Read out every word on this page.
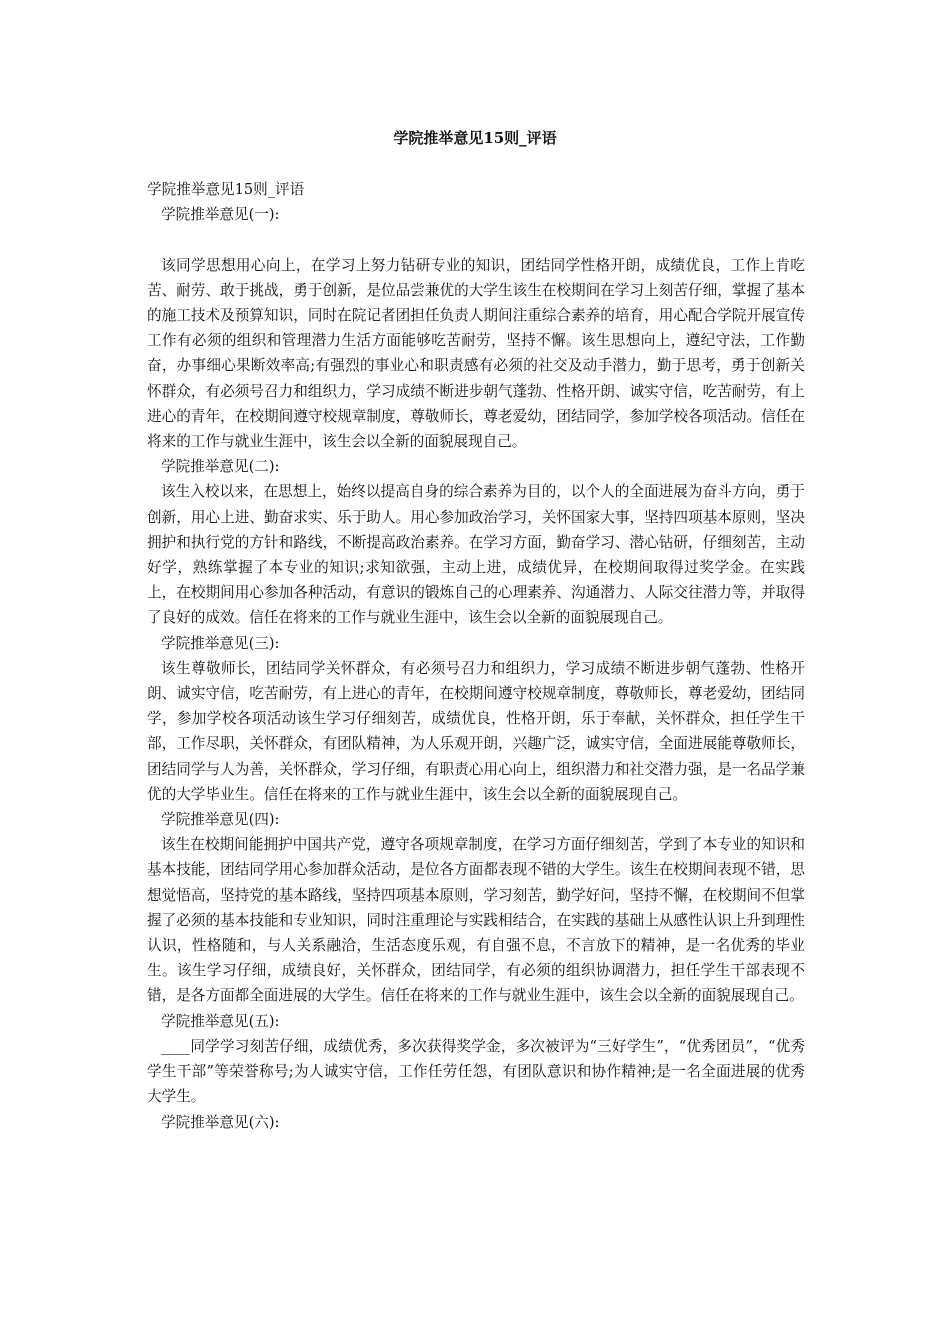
学院推举意见15则_评语

学院推举意见15则_评语

学院推举意见(一):

该同学思想用心向上，在学习上努力钻研专业的知识，团结同学性格开朗，成绩优良，工作上肯吃苦、耐劳、敢于挑战，勇于创新，是位品尝兼优的大学生该生在校期间在学习上刻苦仔细，掌握了基本的施工技术及预算知识，同时在院记者团担任负责人期间注重综合素养的培育，用心配合学院开展宣传工作有必须的组织和管理潜力生活方面能够吃苦耐劳，坚持不懈。该生思想向上，遵纪守法，工作勤奋，办事细心果断效率高;有强烈的事业心和职责感有必须的社交及动手潜力，勤于思考，勇于创新关怀群众，有必须号召力和组织力，学习成绩不断进步朝气蓬勃、性格开朗、诚实守信，吃苦耐劳，有上进心的青年，在校期间遵守校规章制度，尊敬师长，尊老爱幼，团结同学，参加学校各项活动。信任在将来的工作与就业生涯中，该生会以全新的面貌展现自己。

学院推举意见(二):

该生入校以来，在思想上，始终以提高自身的综合素养为目的，以个人的全面进展为奋斗方向，勇于创新，用心上进、勤奋求实、乐于助人。用心参加政治学习，关怀国家大事，坚持四项基本原则，坚决拥护和执行党的方针和路线，不断提高政治素养。在学习方面，勤奋学习、潜心钻研，仔细刻苦，主动好学，熟练掌握了本专业的知识;求知欲强，主动上进，成绩优异，在校期间取得过奖学金。在实践上，在校期间用心参加各种活动，有意识的锻炼自己的心理素养、沟通潜力、人际交往潜力等，并取得了良好的成效。信任在将来的工作与就业生涯中，该生会以全新的面貌展现自己。

学院推举意见(三):

该生尊敬师长，团结同学关怀群众，有必须号召力和组织力，学习成绩不断进步朝气蓬勃、性格开朗、诚实守信，吃苦耐劳，有上进心的青年，在校期间遵守校规章制度，尊敬师长，尊老爱幼，团结同学，参加学校各项活动该生学习仔细刻苦，成绩优良，性格开朗，乐于奉献，关怀群众，担任学生干部，工作尽职，关怀群众，有团队精神，为人乐观开朗，兴趣广泛，诚实守信，全面进展能尊敬师长，团结同学与人为善，关怀群众，学习仔细，有职责心用心向上，组织潜力和社交潜力强，是一名品学兼优的大学毕业生。信任在将来的工作与就业生涯中，该生会以全新的面貌展现自己。

学院推举意见(四):

该生在校期间能拥护中国共产党，遵守各项规章制度，在学习方面仔细刻苦，学到了本专业的知识和基本技能，团结同学用心参加群众活动，是位各方面都表现不错的大学生。该生在校期间表现不错，思想觉悟高，坚持党的基本路线，坚持四项基本原则，学习刻苦，勤学好问，坚持不懈，在校期间不但掌握了必须的基本技能和专业知识，同时注重理论与实践相结合，在实践的基础上从感性认识上升到理性认识，性格随和，与人关系融洽，生活态度乐观，有自强不息，不言放下的精神，是一名优秀的毕业生。该生学习仔细，成绩良好，关怀群众，团结同学，有必须的组织协调潜力，担任学生干部表现不错，是各方面都全面进展的大学生。信任在将来的工作与就业生涯中，该生会以全新的面貌展现自己。

学院推举意见(五):

____同学学习刻苦仔细，成绩优秀，多次获得奖学金，多次被评为“三好学生”，“优秀团员”，“优秀学生干部”等荣誉称号;为人诚实守信，工作任劳任怨，有团队意识和协作精神;是一名全面进展的优秀大学生。

学院推举意见(六):
